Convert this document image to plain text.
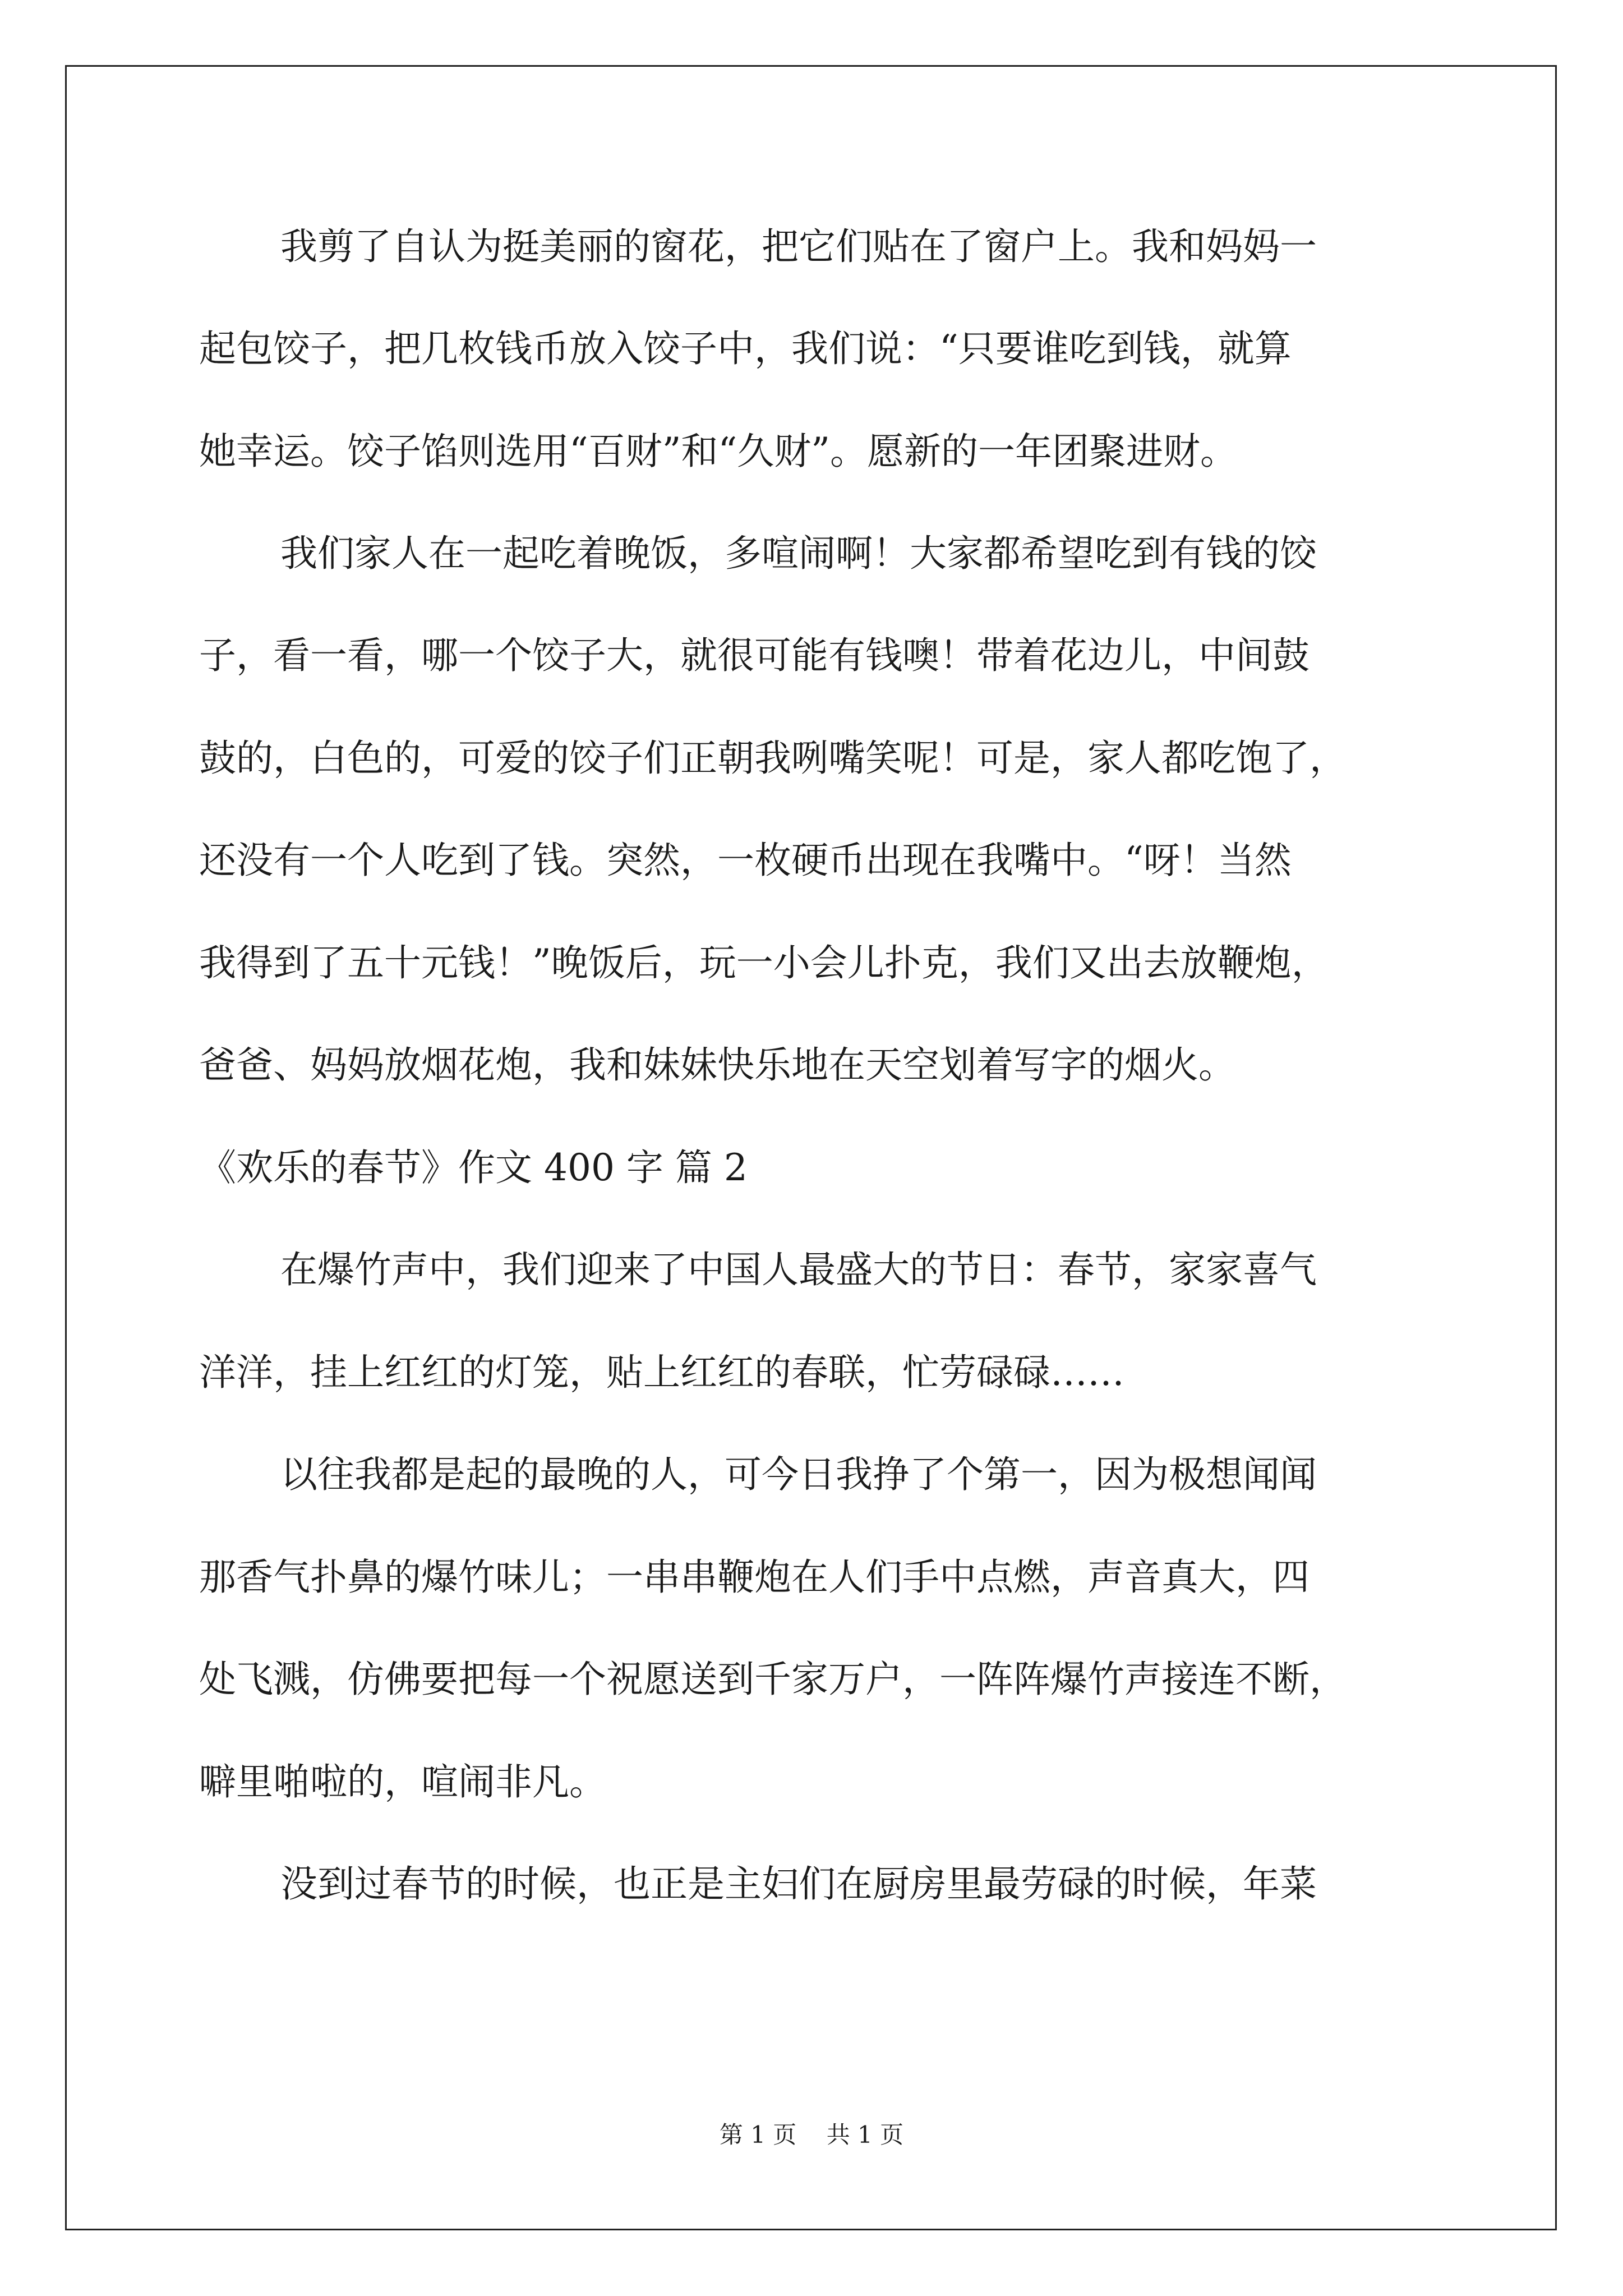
我剪了自认为挺美丽的窗花，把它们贴在了窗户上。我和妈妈一
起包饺子，把几枚钱币放入饺子中，我们说：“只要谁吃到钱，就算
她幸运。饺子馅则选用“百财”和“久财”。愿新的一年团聚进财。
我们家人在一起吃着晚饭，多喧闹啊！大家都希望吃到有钱的饺
子，看一看，哪一个饺子大，就很可能有钱噢！带着花边儿，中间鼓
鼓的，白色的，可爱的饺子们正朝我咧嘴笑呢！可是，家人都吃饱了，
还没有一个人吃到了钱。突然，一枚硬币出现在我嘴中。“呀！当然
我得到了五十元钱！”晚饭后，玩一小会儿扑克，我们又出去放鞭炮，
爸爸、妈妈放烟花炮，我和妹妹快乐地在天空划着写字的烟火。
《欢乐的春节》作文 400 字 篇 2
在爆竹声中，我们迎来了中国人最盛大的节日：春节，家家喜气
洋洋，挂上红红的灯笼，贴上红红的春联，忙劳碌碌……
以往我都是起的最晚的人，可今日我挣了个第一，因为极想闻闻
那香气扑鼻的爆竹味儿；一串串鞭炮在人们手中点燃，声音真大，四
处飞溅，仿佛要把每一个祝愿送到千家万户，一阵阵爆竹声接连不断，
噼里啪啦的，喧闹非凡。
没到过春节的时候，也正是主妇们在厨房里最劳碌的时候，年菜
第 1 页    共 1 页
